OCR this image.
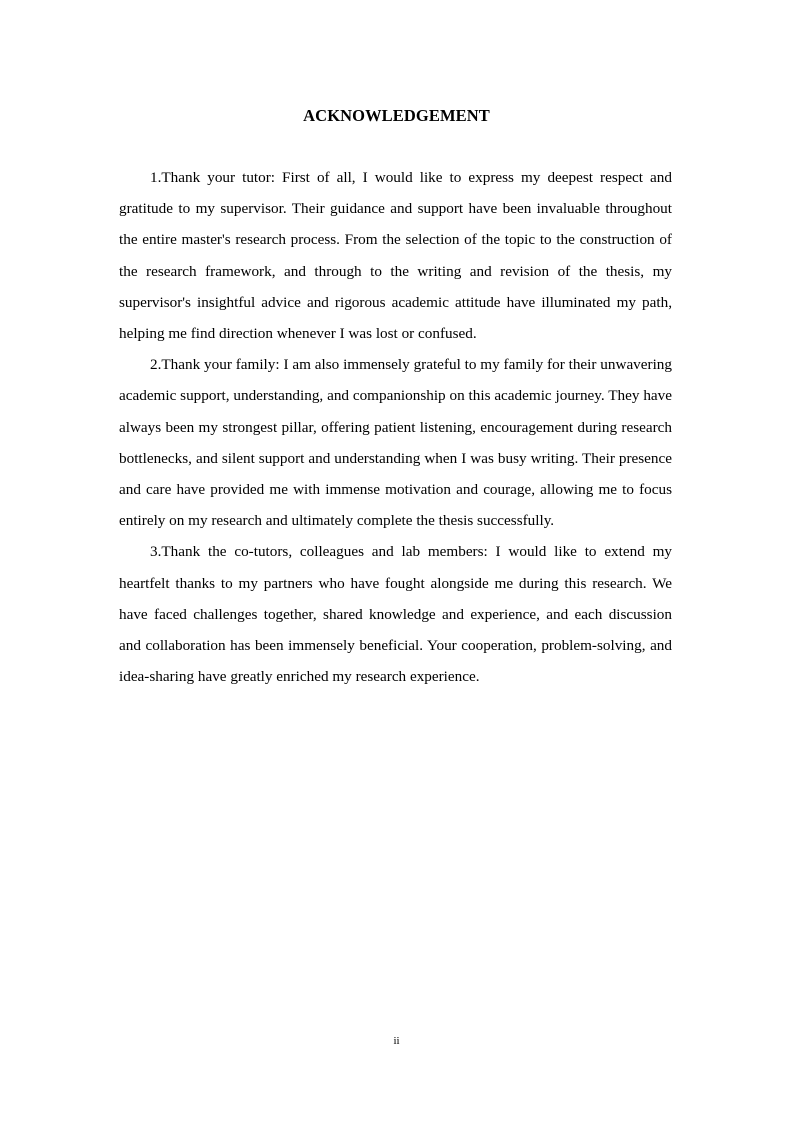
ACKNOWLEDGEMENT

1.Thank your tutor: First of all, I would like to express my deepest respect and gratitude to my supervisor. Their guidance and support have been invaluable throughout the entire master's research process. From the selection of the topic to the construction of the research framework, and through to the writing and revision of the thesis, my supervisor's insightful advice and rigorous academic attitude have illuminated my path, helping me find direction whenever I was lost or confused.

2.Thank your family: I am also immensely grateful to my family for their unwavering academic support, understanding, and companionship on this academic journey. They have always been my strongest pillar, offering patient listening, encouragement during research bottlenecks, and silent support and understanding when I was busy writing. Their presence and care have provided me with immense motivation and courage, allowing me to focus entirely on my research and ultimately complete the thesis successfully.

3.Thank the co-tutors, colleagues and lab members: I would like to extend my heartfelt thanks to my partners who have fought alongside me during this research. We have faced challenges together, shared knowledge and experience, and each discussion and collaboration has been immensely beneficial. Your cooperation, problem-solving, and idea-sharing have greatly enriched my research experience.

ii
